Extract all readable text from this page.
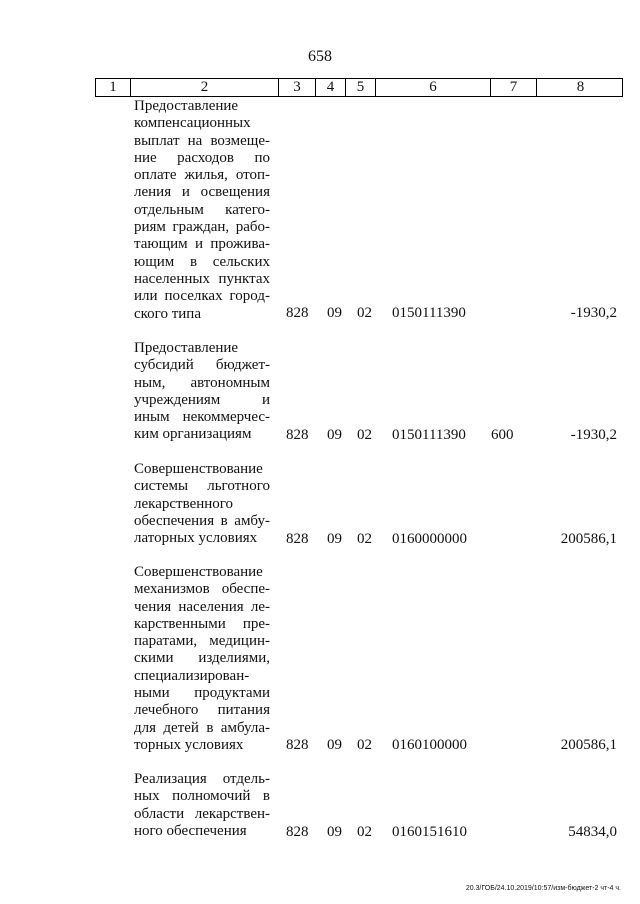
658
1	2	3	4	5	6	7	8
Предоставление
компенсационных
выплат на возмеще-
ние расходов по
оплате жилья, отоп-
ления и освещения
отдельным катего-
риям граждан, рабо-
тающим и прожива-
ющим в сельских
населенных пунктах
или поселках город-
ского типа	828 09 02 0150111390	-1930,2
Предоставление
субсидий бюджет-
ным, автономным
учреждениям и
иным некоммерчес-
ким организациям	828 09 02 0150111390 600	-1930,2
Совершенствование
системы льготного
лекарственного
обеспечения в амбу-
латорных условиях	828 09 02 0160000000	200586,1
Совершенствование
механизмов обеспе-
чения населения ле-
карственными пре-
паратами, медицин-
скими изделиями,
специализирован-
ными продуктами
лечебного питания
для детей в амбула-
торных условиях	828 09 02 0160100000	200586,1
Реализация отдель-
ных полномочий в
области лекарствен-
ного обеспечения	828 09 02 0160151610	54834,0
20.3/ГОБ/24.10.2019/10:57/изм-бюджет-2 чт-4 ч.
